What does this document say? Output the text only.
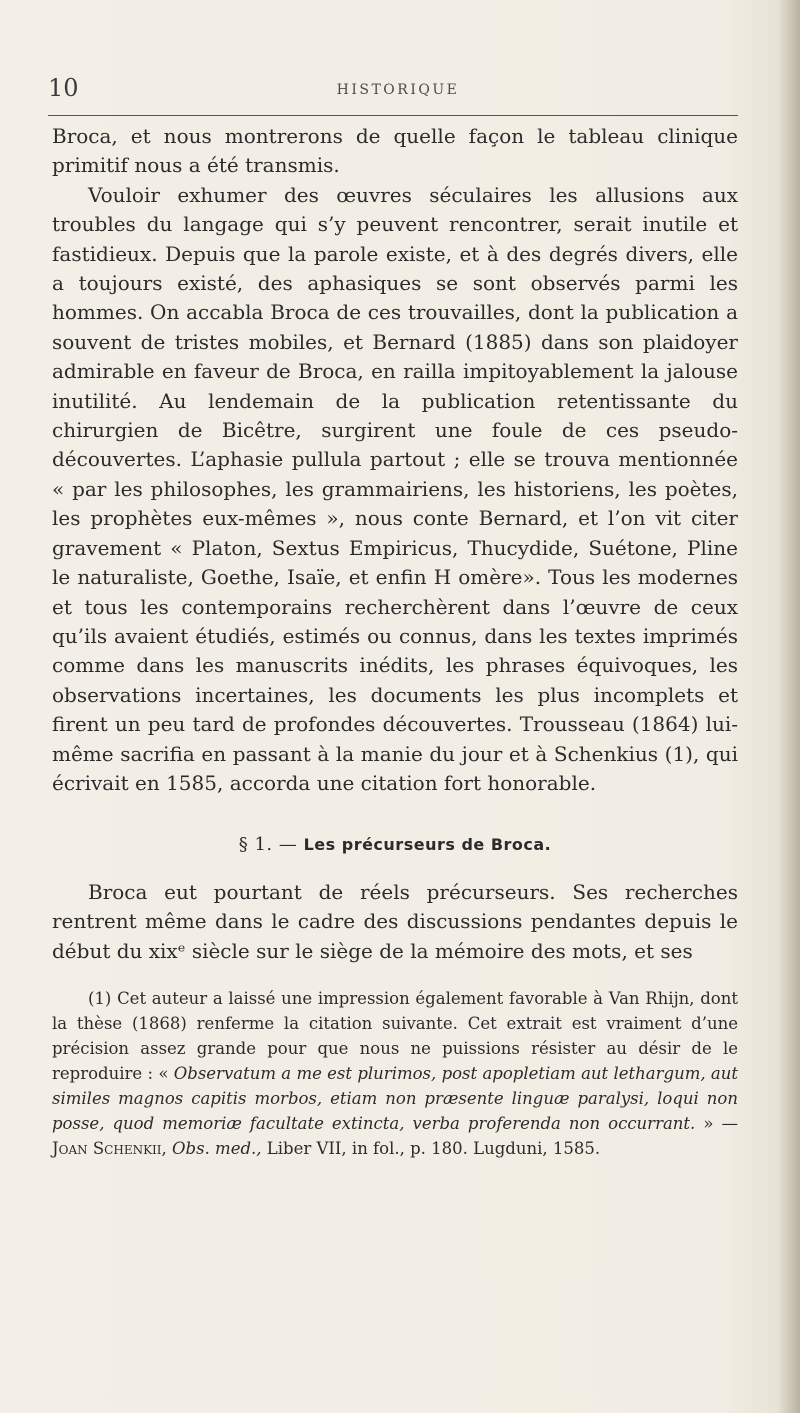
10	HISTORIQUE

Broca, et nous montrerons de quelle façon le tableau clinique primitif nous a été transmis.

Vouloir exhumer des œuvres séculaires les allusions aux troubles du langage qui s’y peuvent rencontrer, serait inutile et fastidieux. Depuis que la parole existe, et à des degrés divers, elle a toujours existé, des aphasiques se sont observés parmi les hommes. On accabla Broca de ces trouvailles, dont la publication a souvent de tristes mobiles, et Bernard (1885) dans son plaidoyer admirable en faveur de Broca, en railla impitoyablement la jalouse inutilité. Au lendemain de la publication retentissante du chirurgien de Bicêtre, surgirent une foule de ces pseudo-découvertes. L’aphasie pullula partout ; elle se trouva mentionnée « par les philosophes, les grammairiens, les historiens, les poètes, les prophètes eux-mêmes », nous conte Bernard, et l’on vit citer gravement « Platon, Sextus Empiricus, Thucydide, Suétone, Pline le naturaliste, Goethe, Isaïe, et enfin H omère». Tous les modernes et tous les contemporains recherchèrent dans l’œuvre de ceux qu’ils avaient étudiés, estimés ou connus, dans les textes imprimés comme dans les manuscrits inédits, les phrases équivoques, les observations incertaines, les documents les plus incomplets et firent un peu tard de profondes découvertes. Trousseau (1864) lui-même sacrifia en passant à la manie du jour et à Schenkius (1), qui écrivait en 1585, accorda une citation fort honorable.

§ 1. — Les précurseurs de Broca.

Broca eut pourtant de réels précurseurs. Ses recherches rentrent même dans le cadre des discussions pendantes depuis le début du xixᵉ siècle sur le siège de la mémoire des mots, et ses

(1) Cet auteur a laissé une impression également favorable à Van Rhijn, dont la thèse (1868) renferme la citation suivante. Cet extrait est vraiment d’une précision assez grande pour que nous ne puissions résister au désir de le reproduire : « Observatum a me est plurimos, post apopletiam aut lethargum, aut similes magnos capitis morbos, etiam non præsente linguæ paralysi, loqui non posse, quod memoriæ facultate extincta, verba proferenda non occurrant. » — Joan Schenkii, Obs. med., Liber VII, in fol., p. 180. Lugduni, 1585.
